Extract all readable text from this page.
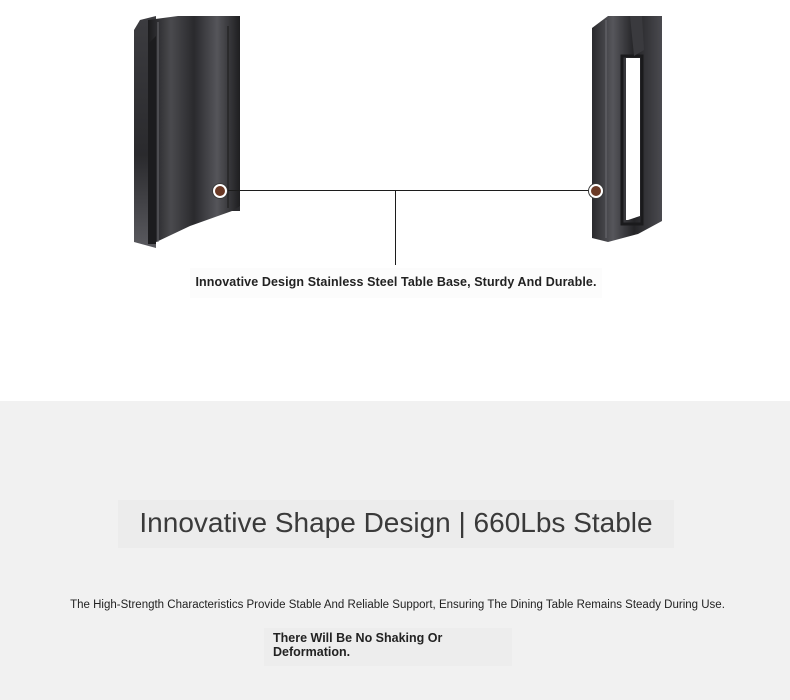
Innovative Design Stainless Steel Table Base, Sturdy And Durable.
Innovative Shape Design | 660Lbs Stable
The High-Strength Characteristics Provide Stable And Reliable Support, Ensuring The Dining Table Remains Steady During Use.
There Will Be No Shaking Or Deformation.
